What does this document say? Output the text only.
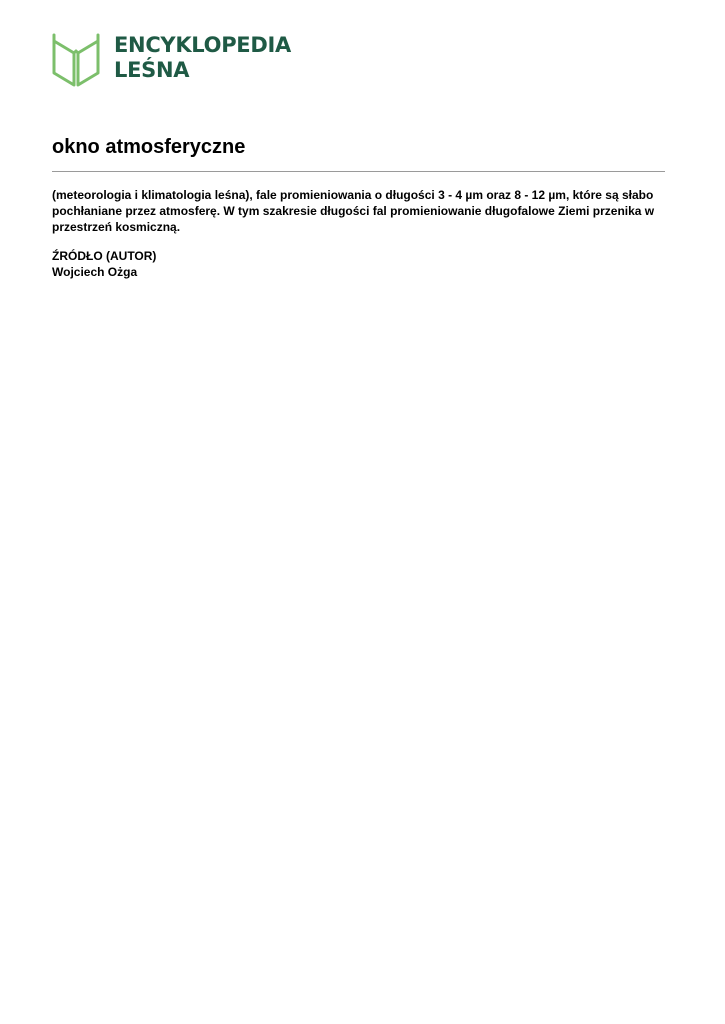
ENCYKLOPEDIA
LEŚNA
okno atmosferyczne

(meteorologia i klimatologia leśna), fale promieniowania o długości 3 - 4 µm oraz 8 - 12 µm, które są słabo pochłaniane przez atmosferę. W tym szakresie długości fal promieniowanie długofalowe Ziemi przenika w przestrzeń kosmiczną.

ŹRÓDŁO (AUTOR)
Wojciech Ożga
